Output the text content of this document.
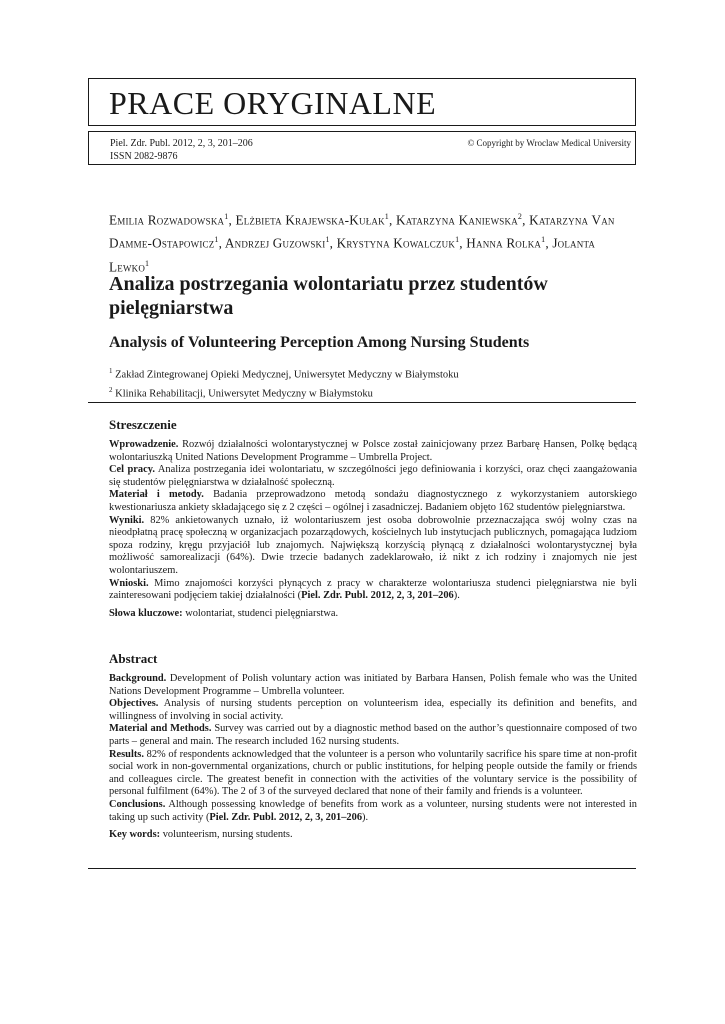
PRACE ORYGINALNE
Piel. Zdr. Publ. 2012, 2, 3, 201–206
ISSN 2082-9876
© Copyright by Wroclaw Medical University
Emilia Rozwadowska$^1$, Elżbieta Krajewska-Kułak$^1$, Katarzyna Kaniewska$^2$, Katarzyna Van Damme-Ostapowicz$^1$, Andrzej Guzowski$^1$, Krystyna Kowalczuk$^1$, Hanna Rolka$^1$, Jolanta Lewko$^1$
Analiza postrzegania wolontariatu przez studentów pielęgniarstwa
Analysis of Volunteering Perception Among Nursing Students
$^1$ Zakład Zintegrowanej Opieki Medycznej, Uniwersytet Medyczny w Białymstoku
$^2$ Klinika Rehabilitacji, Uniwersytet Medyczny w Białymstoku
Streszczenie

Wprowadzenie. Rozwój działalności wolontarystycznej w Polsce został zainicjowany przez Barbarę Hansen, Polkę będącą wolontariuszką United Nations Development Programme – Umbrella Project.

Cel pracy. Analiza postrzegania idei wolontariatu, w szczególności jego definiowania i korzyści, oraz chęci zaangażowania się studentów pielęgniarstwa w działalność społeczną.

Materiał i metody. Badania przeprowadzono metodą sondażu diagnostycznego z wykorzystaniem autorskiego kwestionariusza ankiety składającego się z 2 części – ogólnej i zasadniczej. Badaniem objęto 162 studentów pielęgniarstwa.

Wyniki. 82% ankietowanych uznało, iż wolontariuszem jest osoba dobrowolnie przeznaczająca swój wolny czas na nieodpłatną pracę społeczną w organizacjach pozarządowych, kościelnych lub instytucjach publicznych, pomagająca ludziom spoza rodziny, kręgu przyjaciół lub znajomych. Największą korzyścią płynącą z działalności wolontarystycznej była możliwość samorealizacji (64%). Dwie trzecie badanych zadeklarowało, iż nikt z ich rodziny i znajomych nie jest wolontariuszem.

Wnioski. Mimo znajomości korzyści płynących z pracy w charakterze wolontariusza studenci pielęgniarstwa nie byli zainteresowani podjęciem takiej działalności (Piel. Zdr. Publ. 2012, 2, 3, 201–206).

Słowa kluczowe: wolontariat, studenci pielęgniarstwa.

Abstract

Background. Development of Polish voluntary action was initiated by Barbara Hansen, Polish female who was the United Nations Development Programme – Umbrella volunteer.

Objectives. Analysis of nursing students perception on volunteerism idea, especially its definition and benefits, and willingness of involving in social activity.

Material and Methods. Survey was carried out by a diagnostic method based on the author’s questionnaire composed of two parts – general and main. The research included 162 nursing students.

Results. 82% of respondents acknowledged that the volunteer is a person who voluntarily sacrifice his spare time at non-profit social work in non-governmental organizations, church or public institutions, for helping people outside the family or friends and colleagues circle. The greatest benefit in connection with the activities of the voluntary service is the possibility of personal fulfilment (64%). The 2 of 3 of the surveyed declared that none of their family and friends is a volunteer.

Conclusions. Although possessing knowledge of benefits from work as a volunteer, nursing students were not interested in taking up such activity (Piel. Zdr. Publ. 2012, 2, 3, 201–206).

Key words: volunteerism, nursing students.
